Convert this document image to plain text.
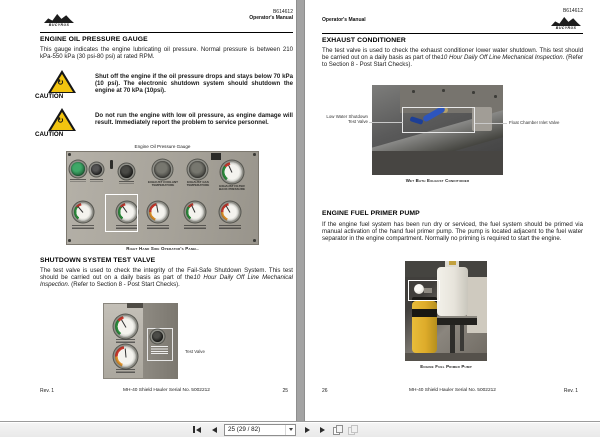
BUCYRUS
B614612
Operator's Manual
ENGINE OIL PRESSURE GAUGE
This gauge indicates the engine lubricating oil pressure. Normal pressure is between 210 kPa-550 kPa (30 psi-80 psi) at rated RPM.
↻
CAUTION
Shut off the engine if the oil pressure drops and stays below 70 kPa (10 psi). The electronic shutdown system should shutdown the engine at 70 kPa (10psi).
↻
CAUTION
Do not run the engine with low oil pressure, as engine damage will result. Immediately report the problem to service personnel.
Engine Oil Pressure Gauge
EXHAUST COOLANT TEMPERATURE
EXHAUST GAS TEMPERATURE	EXHAUST FILTER BACK PRESSURE
Right Hand Side Operator's Panel.
SHUTDOWN SYSTEM TEST VALVE
The test valve is used to check the integrity of the Fail-Safe Shutdown System. This test should be carried out on a daily basis as part of the10 Hour Daily Off Line Mechanical Inspection. (Refer to Section 8 - Post Start Checks).
Test Valve
Rev. 1	MH-40 Shield Hauler Serial No. 5002212	25
Operator's Manual
B614612
BUCYRUS
EXHAUST CONDITIONER
The test valve is used to check the exhaust conditioner lower water shutdown. This test should be carried out on a daily basis as part of the10 Hour Daily Off Line Mechanical Inspection. (Refer to Section 8 - Post Start Checks).
Low Water Shutdown
Test Valve	Float Chamber Inlet Valve
Wet Bath Exhaust Conditioner
ENGINE FUEL PRIMER PUMP
If the engine fuel system has been run dry or serviced, the fuel system should be primed via manual activation of the hand fuel primer pump. The pump is located adjacent to the fuel water separator in the engine compartment. Normally no priming is required to start the engine.
Engine Fuel Primer Pump
26	MH-40 Shield Hauler Serial No. 5002212	Rev. 1
25 (29 / 82)
